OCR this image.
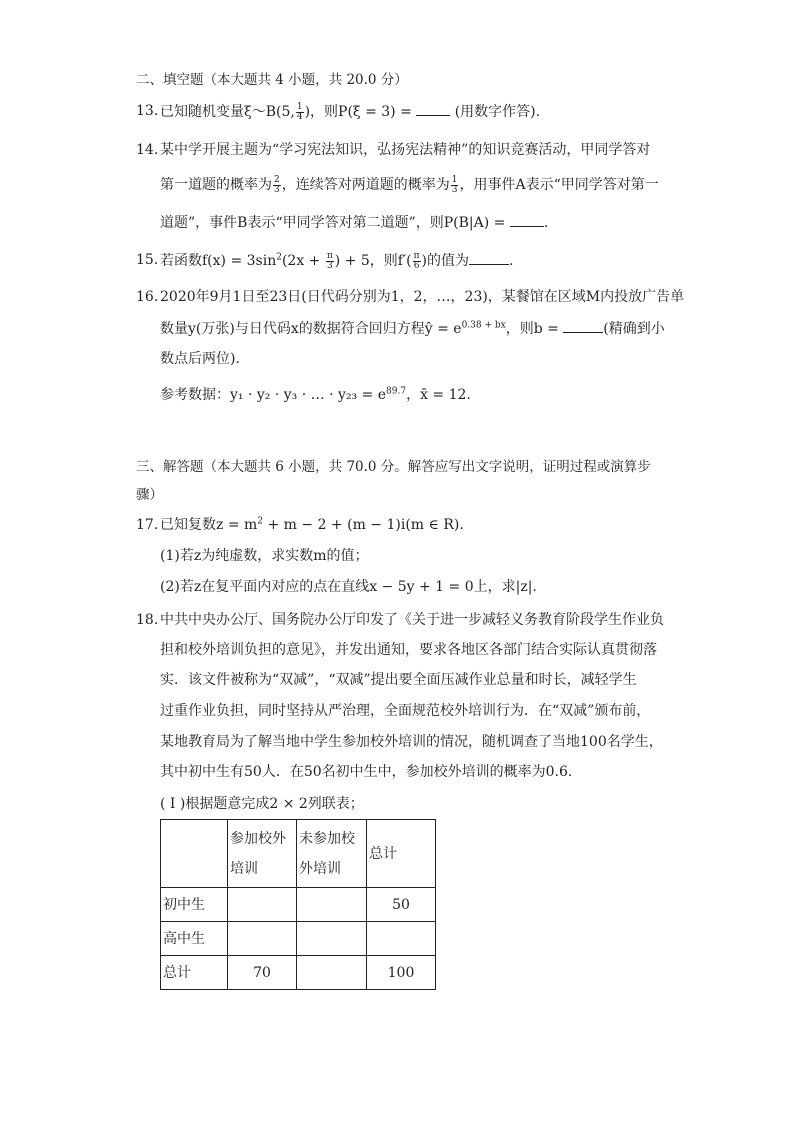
二、填空题（本大题共 4 小题，共 20.0 分）
13. 已知随机变量ξ～B(5, $\frac{1}{4}$ )，则P(ξ = 3) =  (用数字作答).
14. 某中学开展主题为“学习宪法知识，弘扬宪法精神”的知识竞赛活动，甲同学答对
第一道题的概率为 $\frac{2}{3}$ ，连续答对两道题的概率为 $\frac{1}{3}$ ，用事件A表示“甲同学答对第一
道题”，事件B表示“甲同学答对第二道题”，则P(B|A) = .
15. 若函数$f(x) = 3\sin^2(2x + \frac{\pi}{3}$ ) + 5，则$f'( \frac{\pi}{6}$ )的值为	.
16. 2020年9月1日至23日(日代码分别为1，2，…，23)，某餐馆在区域M内投放广告单
数量y(万张)与日代码x的数据符合回归方程ŷ = $e^{0.38 + bx}$，则b =	(精确到小
数点后两位).
参考数据：y₁ · y₂ · y₃ · … · $y_{23} = e^{89.7}$，x̄ = 12.
三、解答题（本大题共 6 小题，共 70.0 分。解答应写出文字说明，证明过程或演算步
骤）
17. 已知复数$z = m^2 + m - 2 + (m - 1)i(m$ ∈ R).
(1)若z为纯虚数，求实数m的值；
(2)若z在复平面内对应的点在直线x − 5y + 1 = 0上，求|z|.
18. 中共中央办公厅、国务院办公厅印发了《关于进一步减轻义务教育阶段学生作业负
担和校外培训负担的意见》，并发出通知，要求各地区各部门结合实际认真贯彻落
实．该文件被称为“双减”，“双减”提出要全面压减作业总量和时长，减轻学生
过重作业负担，同时坚持从严治理，全面规范校外培训行为．在“双减”颁布前，
某地教育局为了解当地中学生参加校外培训的情况，随机调查了当地100名学生，
其中初中生有50人．在50名初中生中，参加校外培训的概率为0.6.
( I )根据题意完成2 × 2列联表；
	参加校外培训	未参加校外培训	总计
初中生			50
高中生			
总计	70		100
